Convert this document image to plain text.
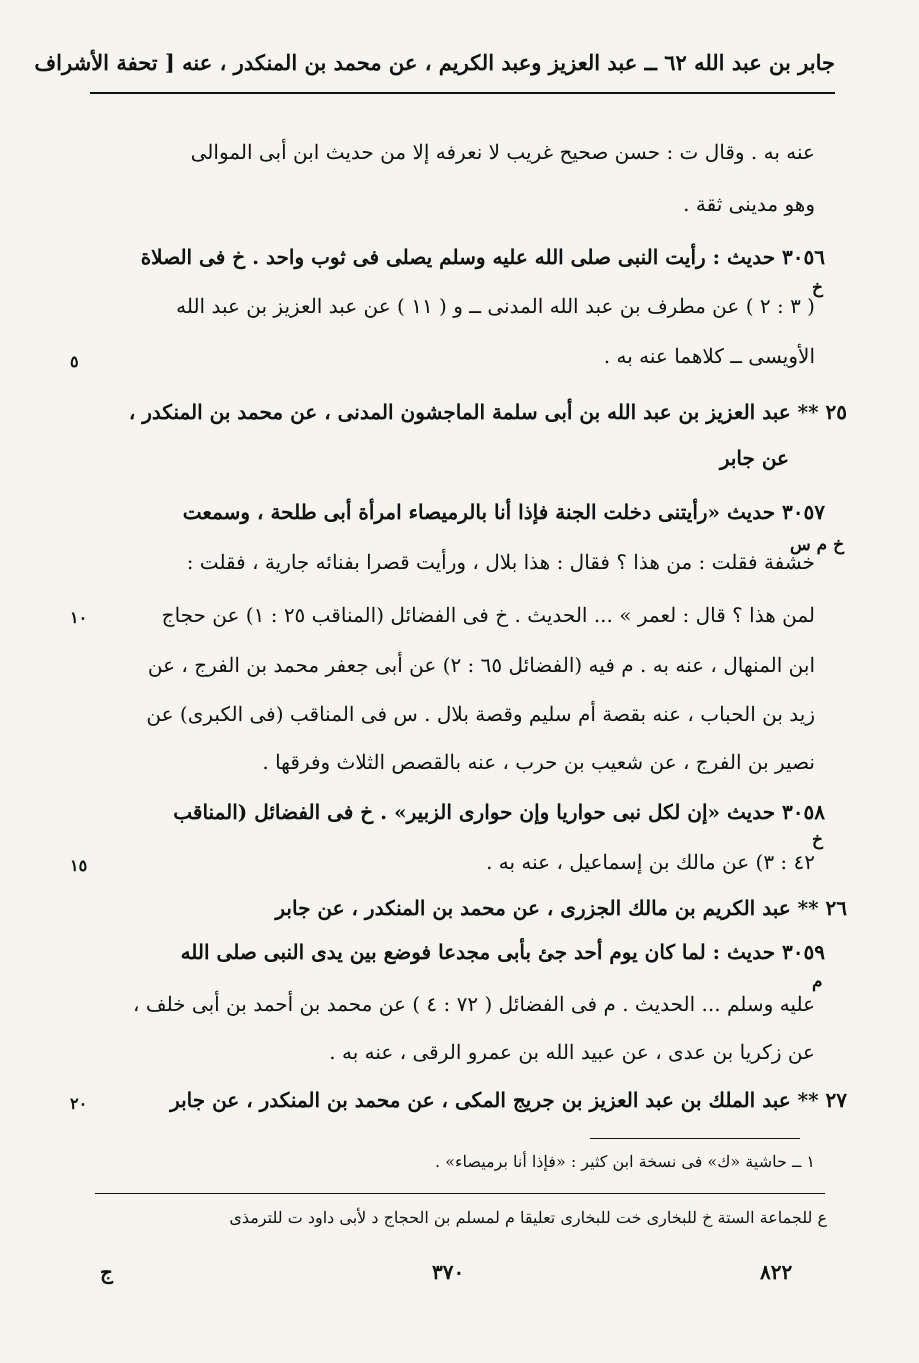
جابر بن عبد الله ٦٢ ــ عبد العزيز وعبد الكريم ، عن محمد بن المنكدر ، عنه [ تحفة الأشراف
عنه به . وقال ت : حسن صحيح غريب لا نعرفه إلا من حديث ابن أبى الموالى
وهو مدينى ثقة .
٣٠٥٦ حديث : رأيت النبى صلى الله عليه وسلم يصلى فى ثوب واحد . خ فى الصلاة
( ٣ : ٢ ) عن مطرف بن عبد الله المدنى ــ و ( ١١ ) عن عبد العزيز بن عبد الله
الأويسى ــ كلاهما عنه به .
٢٥ ** عبد العزيز بن عبد الله بن أبى سلمة الماجشون المدنى ، عن محمد بن المنكدر ،
عن جابر
٣٠٥٧ حديث «رأيتنى دخلت الجنة فإذا أنا بالرميصاء امرأة أبى طلحة ، وسمعت
خشفة فقلت : من هذا ؟ فقال : هذا بلال ، ورأيت قصرا بفنائه جارية ، فقلت :
لمن هذا ؟ قال : لعمر » ... الحديث . خ فى الفضائل (المناقب ٢٥ : ١) عن حجاج
ابن المنهال ، عنه به . م فيه (الفضائل ٦٥ : ٢) عن أبى جعفر محمد بن الفرج ، عن
زيد بن الحباب ، عنه بقصة أم سليم وقصة بلال . س فى المناقب (فى الكبرى) عن
نصير بن الفرج ، عن شعيب بن حرب ، عنه بالقصص الثلاث وفرقها .
٣٠٥٨ حديث «إن لكل نبى حواريا وإن حوارى الزبير» . خ فى الفضائل (المناقب
٤٢ : ٣) عن مالك بن إسماعيل ، عنه به .
٢٦ ** عبد الكريم بن مالك الجزرى ، عن محمد بن المنكدر ، عن جابر
٣٠٥٩ حديث : لما كان يوم أحد جئ بأبى مجدعا فوضع بين يدى النبى صلى الله
عليه وسلم ... الحديث . م فى الفضائل ( ٧٢ : ٤ ) عن محمد بن أحمد بن أبى خلف ،
عن زكريا بن عدى ، عن عبيد الله بن عمرو الرقى ، عنه به .
٢٧ ** عبد الملك بن عبد العزيز بن جريج المكى ، عن محمد بن المنكدر ، عن جابر
خ
خ م س
خ
م
٥
١٠
١٥
٢٠
١ ــ حاشية «ك» فى نسخة ابن كثير : «فإذا أنا برميصاء» .
ع للجماعة الستة خ للبخارى خت للبخارى تعليقا م لمسلم بن الحجاج د لأبى داود ت للترمذى
ج	٣٧٠	٨٢٢
